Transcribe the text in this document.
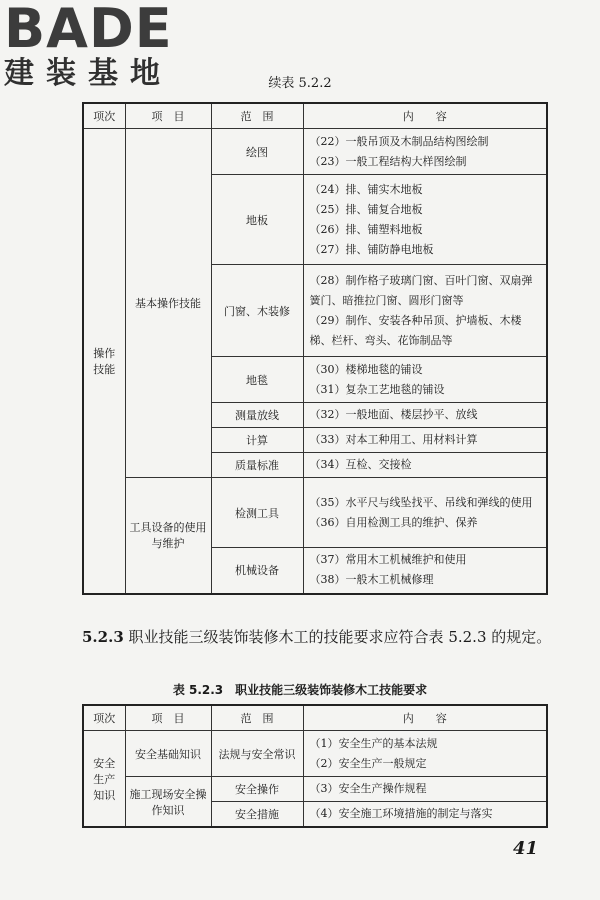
BADE
建装基地	续表 5.2.2
项次	项　目	范　围	内　　容
操作技能	基本操作技能	绘图	（22）一般吊顶及木制品结构图绘制
（23）一般工程结构大样图绘制

		地板	（24）排、铺实木地板
（25）排、铺复合地板
（26）排、铺塑料地板
（27）排、铺防静电地板

		门窗、木装修	（28）制作格子玻璃门窗、百叶门窗、双扇弹簧门、暗推拉门窗、圆形门窗等
（29）制作、安装各种吊顶、护墙板、木楼梯、栏杆、弯头、花饰制品等

		地毯	（30）楼梯地毯的铺设
（31）复杂工艺地毯的铺设

		测量放线	（32）一般地面、楼层抄平、放线

		计算	（33）对本工种用工、用材料计算

		质量标准	（34）互检、交接检

	工具设备的使用与维护	检测工具	（35）水平尺与线坠找平、吊线和弹线的使用
（36）自用检测工具的维护、保养

		机械设备	（37）常用木工机械维护和使用
（38）一般木工机械修理
5.2.3 职业技能三级装饰装修木工的技能要求应符合表 5.2.3 的规定。
表 5.2.3　职业技能三级装饰装修木工技能要求
项次	项　目	范　围	内　　容
安全生产知识	安全基础知识	法规与安全常识	（1）安全生产的基本法规
（2）安全生产一般规定

	施工现场安全操作知识	安全操作	（3）安全生产操作规程

		安全措施	（4）安全施工环境措施的制定与落实
41
